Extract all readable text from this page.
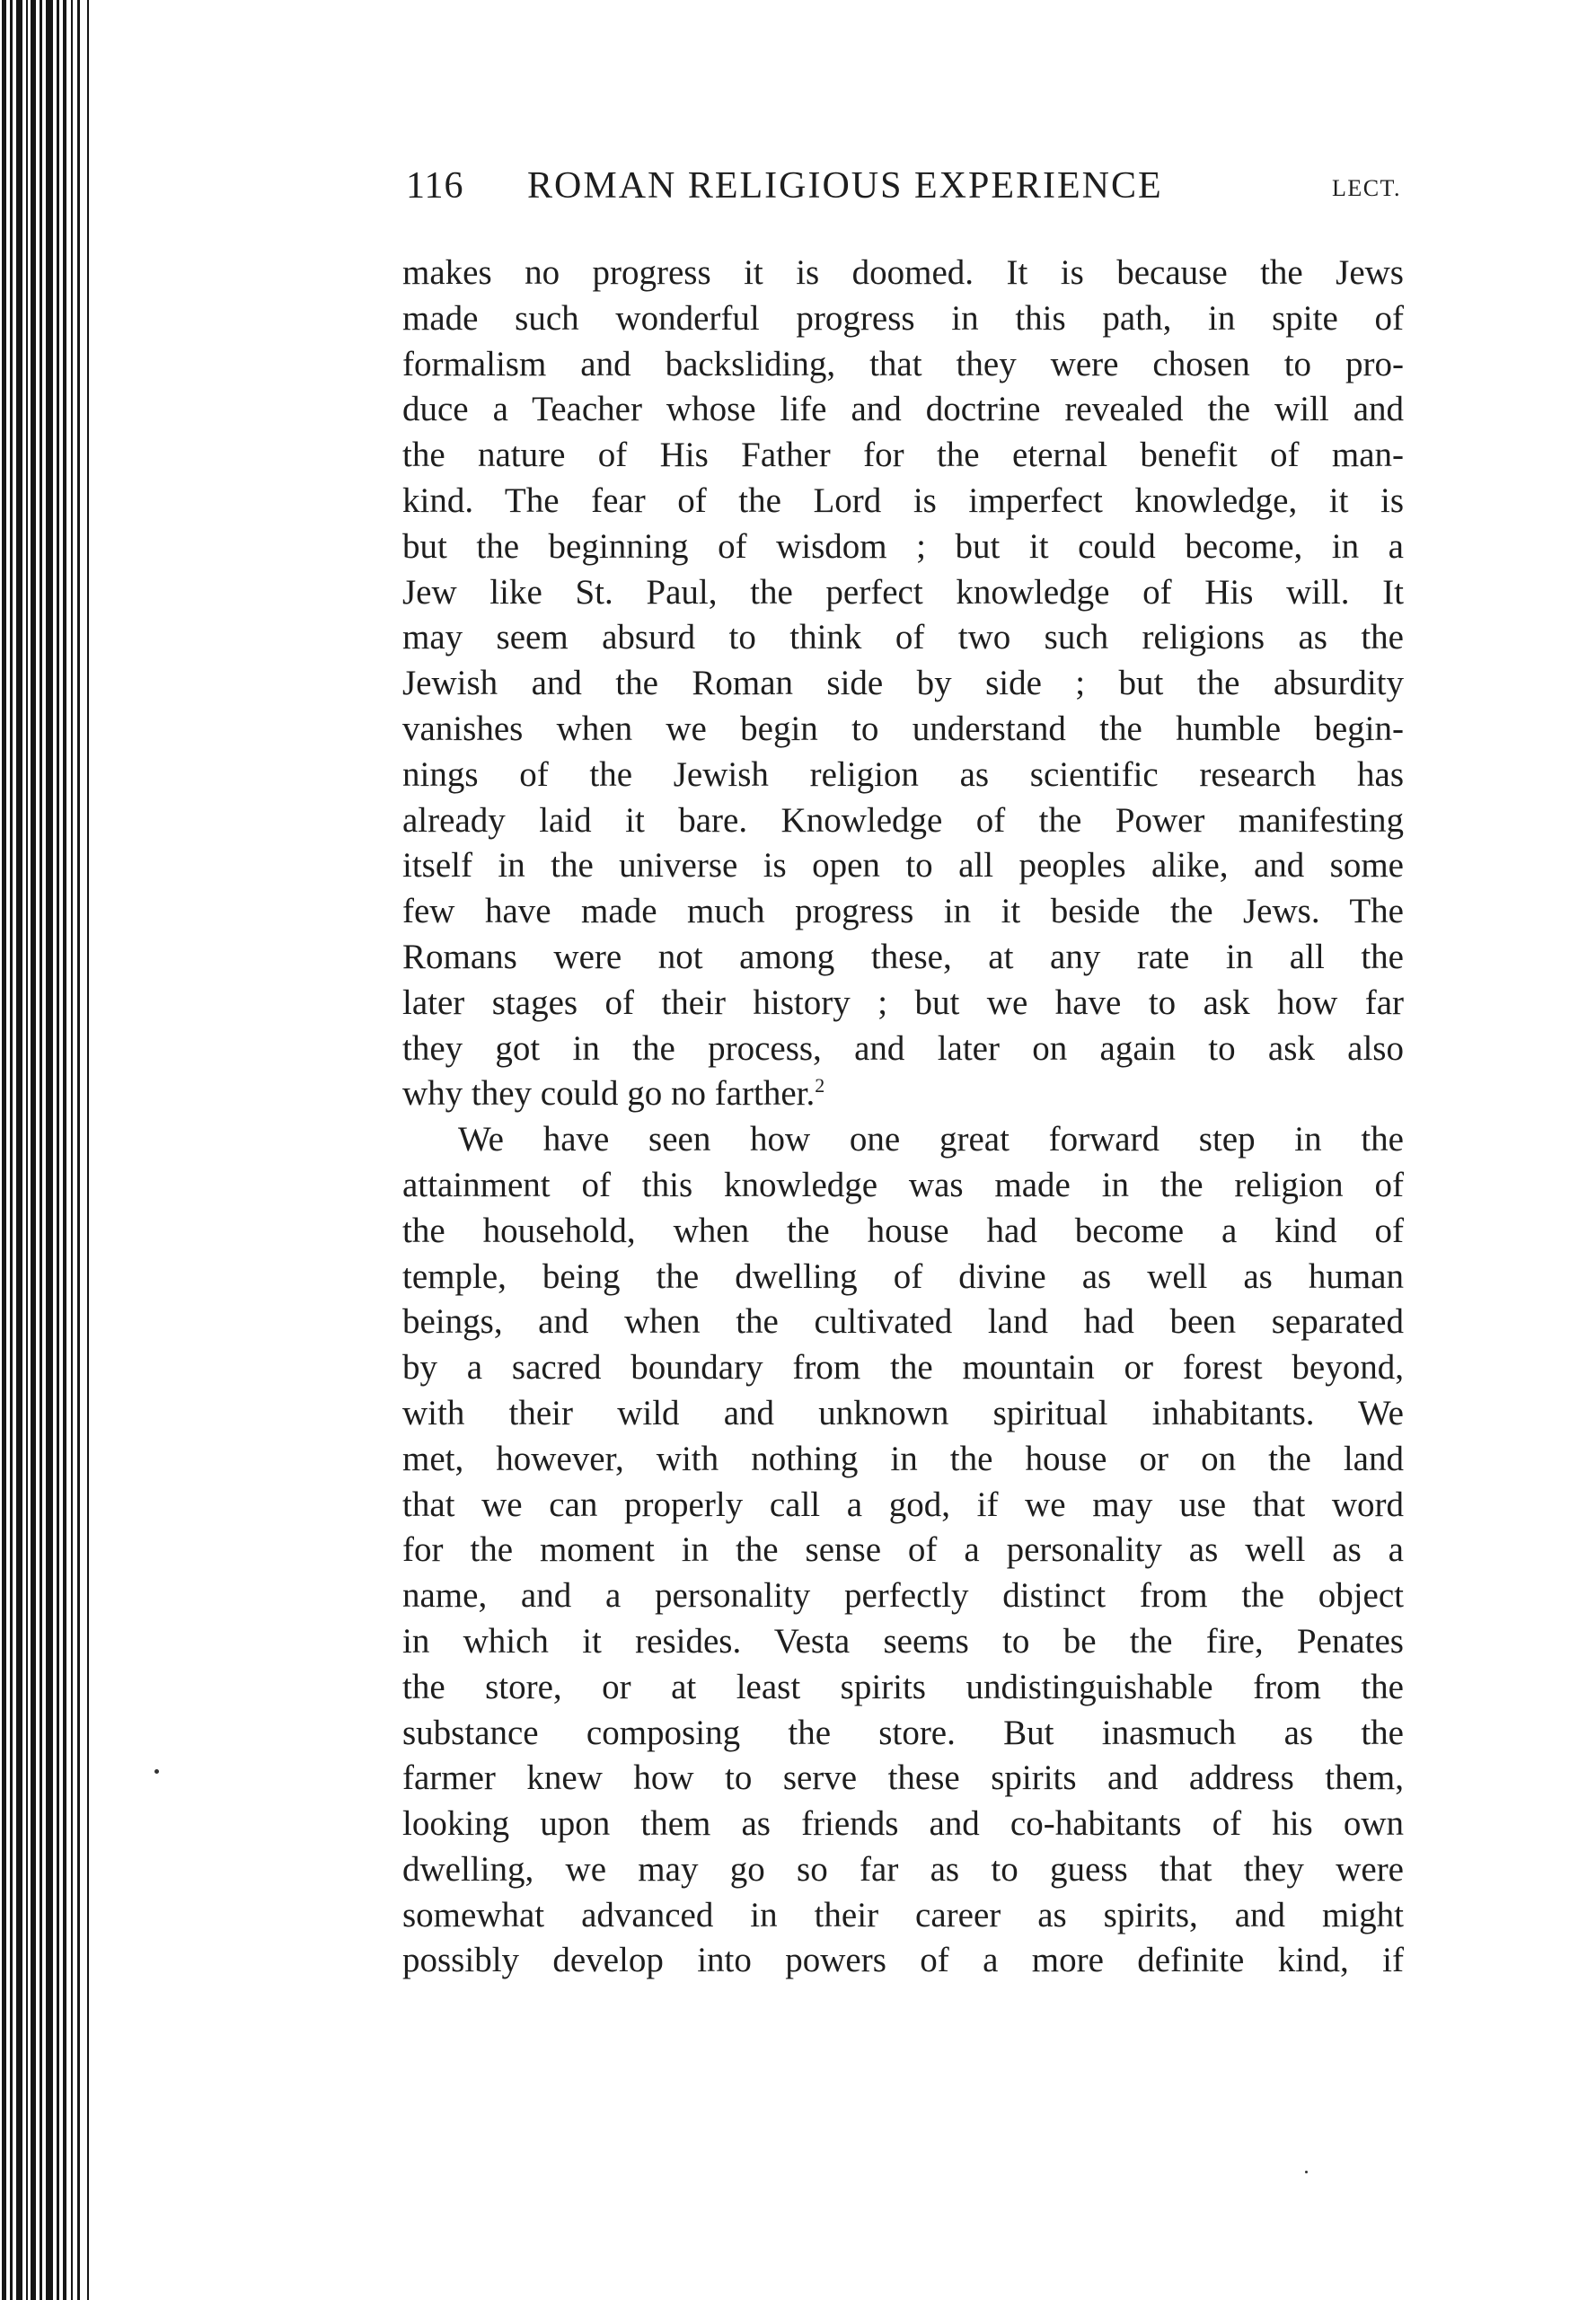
116 ROMAN RELIGIOUS EXPERIENCE	LECT.
makes no progress it is doomed. It is because the Jews
made such wonderful progress in this path, in spite of
formalism and backsliding, that they were chosen to pro-
duce a Teacher whose life and doctrine revealed the will and
the nature of His Father for the eternal benefit of man-
kind. The fear of the Lord is imperfect knowledge, it is
but the beginning of wisdom ; but it could become, in a
Jew like St. Paul, the perfect knowledge of His will. It
may seem absurd to think of two such religions as the
Jewish and the Roman side by side ; but the absurdity
vanishes when we begin to understand the humble begin-
nings of the Jewish religion as scientific research has
already laid it bare. Knowledge of the Power manifesting
itself in the universe is open to all peoples alike, and some
few have made much progress in it beside the Jews. The
Romans were not among these, at any rate in all the
later stages of their history ; but we have to ask how far
they got in the process, and later on again to ask also
why they could go no farther.$^2$
We have seen how one great forward step in the
attainment of this knowledge was made in the religion of
the household, when the house had become a kind of
temple, being the dwelling of divine as well as human
beings, and when the cultivated land had been separated
by a sacred boundary from the mountain or forest beyond,
with their wild and unknown spiritual inhabitants. We
met, however, with nothing in the house or on the land
that we can properly call a god, if we may use that word
for the moment in the sense of a personality as well as a
name, and a personality perfectly distinct from the object
in which it resides. Vesta seems to be the fire, Penates
the store, or at least spirits undistinguishable from the
substance composing the store. But inasmuch as the
farmer knew how to serve these spirits and address them,
looking upon them as friends and co-habitants of his own
dwelling, we may go so far as to guess that they were
somewhat advanced in their career as spirits, and might
possibly develop into powers of a more definite kind, if
